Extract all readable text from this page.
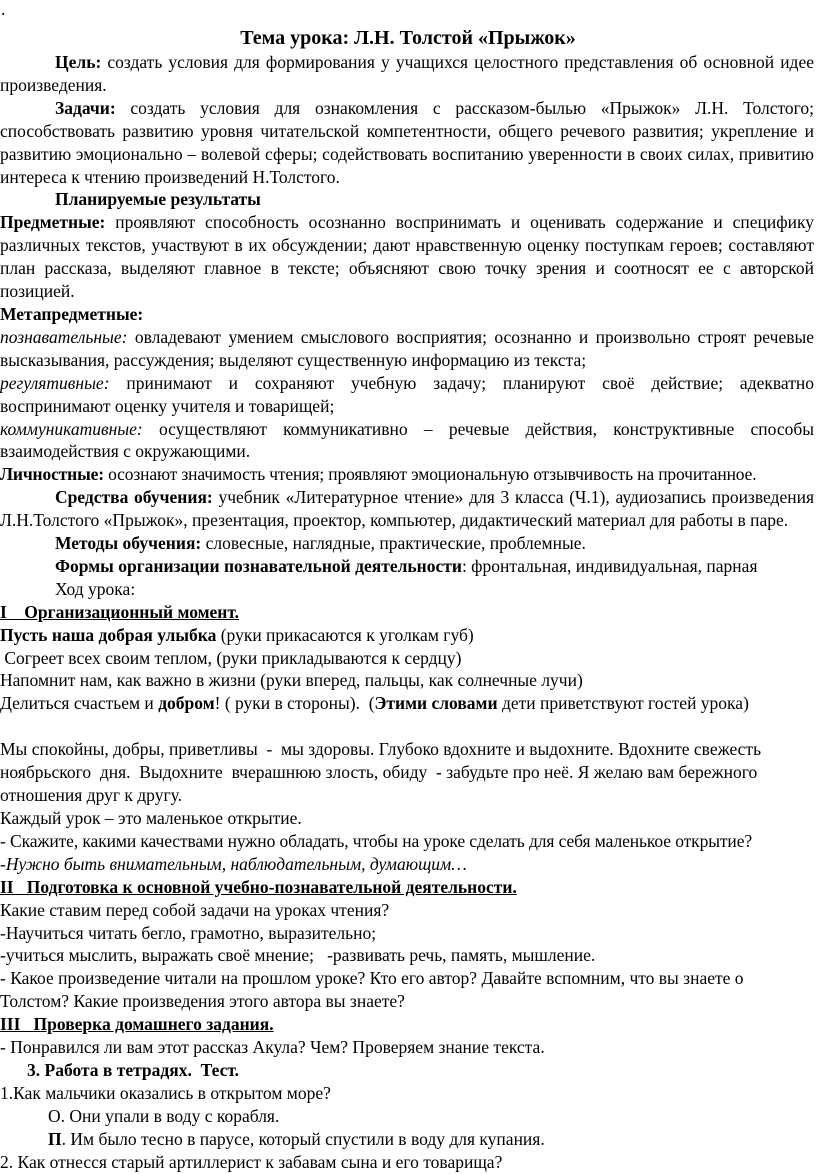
.
Тема урока: Л.Н. Толстой «Прыжок»

Цель: создать условия для формирования у учащихся целостного представления об основной идее произведения.

Задачи: создать условия для ознакомления с рассказом-былью «Прыжок» Л.Н. Толстого; способствовать развитию уровня читательской компетентности, общего речевого развития; укрепление и развитию эмоционально – волевой сферы; содействовать воспитанию уверенности в своих силах, привитию интереса к чтению произведений Н.Толстого.

Планируемые результаты

Предметные: проявляют способность осознанно воспринимать и оценивать содержание и специфику различных текстов, участвуют в их обсуждении; дают нравственную оценку поступкам героев; составляют план рассказа, выделяют главное в тексте; объясняют свою точку зрения и соотносят ее с авторской позицией.

Метапредметные:

познавательные: овладевают умением смыслового восприятия; осознанно и произвольно строят речевые высказывания, рассуждения; выделяют существенную информацию из текста;

регулятивные: принимают и сохраняют учебную задачу; планируют своё действие; адекватно воспринимают оценку учителя и товарищей;

коммуникативные: осуществляют коммуникативно – речевые действия, конструктивные способы взаимодействия с окружающими.

Личностные: осознают значимость чтения; проявляют эмоциональную отзывчивость на прочитанное.

Средства обучения: учебник «Литературное чтение» для 3 класса (Ч.1), аудиозапись произведения Л.Н.Толстого «Прыжок», презентация, проектор, компьютер, дидактический материал для работы в паре.

Методы обучения: словесные, наглядные, практические, проблемные.

Формы организации познавательной деятельности: фронтальная, индивидуальная, парная

Ход урока:

I    Организационный момент.

Пусть наша добрая улыбка (руки прикасаются к уголкам губ)

Согреет всех своим теплом, (руки прикладываются к сердцу)

Напомнит нам, как важно в жизни (руки вперед, пальцы, как солнечные лучи)

Делиться счастьем и добром! ( руки в стороны).  (Этими словами дети приветствуют гостей урока)

Мы спокойны, добры, приветливы  -  мы здоровы. Глубоко вдохните и выдохните. Вдохните свежесть ноябрьского  дня.  Выдохните  вчерашнюю злость, обиду  - забудьте про неё. Я желаю вам бережного отношения друг к другу.

Каждый урок – это маленькое открытие.

- Скажите, какими качествами нужно обладать, чтобы на уроке сделать для себя маленькое открытие?

-Нужно быть внимательным, наблюдательным, думающим…

II   Подготовка к основной учебно-познавательной деятельности.

Какие ставим перед собой задачи на уроках чтения?

-Научиться читать бегло, грамотно, выразительно;

-учиться мыслить, выражать своё мнение;   -развивать речь, память, мышление.

- Какое произведение читали на прошлом уроке? Кто его автор? Давайте вспомним, что вы знаете о Толстом? Какие произведения этого автора вы знаете?

III   Проверка домашнего задания.

- Понравился ли вам этот рассказ Акула? Чем? Проверяем знание текста.

3. Работа в тетрадях.  Тест.

1.Как мальчики оказались в открытом море?

О. Они упали в воду с корабля.

П. Им было тесно в парусе, который спустили в воду для купания.

2. Как отнесся старый артиллерист к забавам сына и его товарища?
